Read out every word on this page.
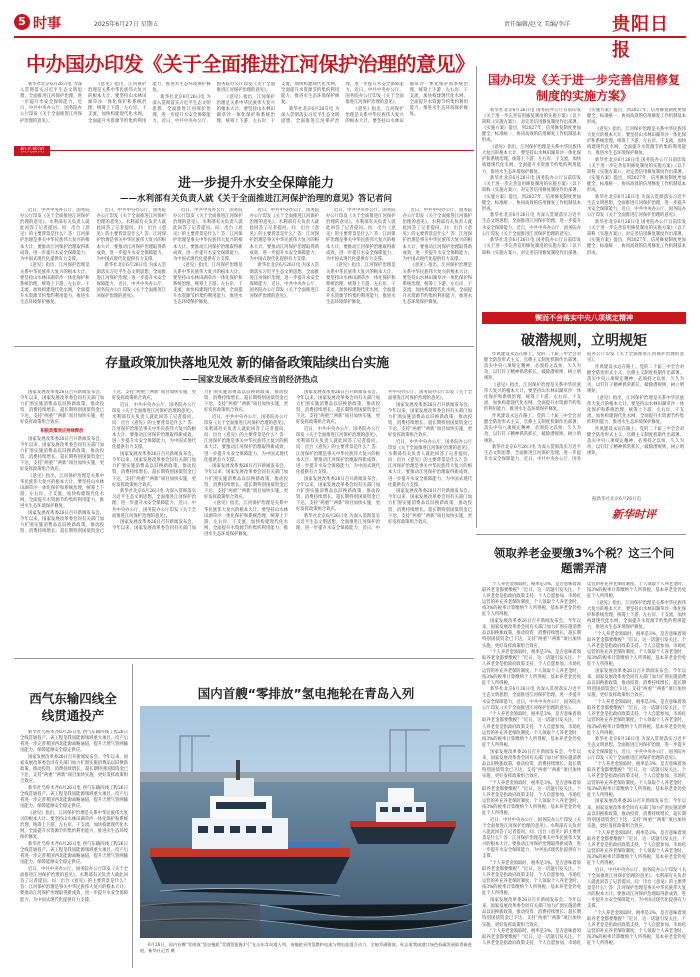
5 时事	2025年6月27日 星期五	责任编辑/赵文 美编/李洋 贵阳日报
中办国办印发《关于全面推进江河保护治理的意见》

新华社北京6月26日电 为深入贯彻落实习近平生态文明思想，全面推进江河保护治理，进一步提升水安全保障能力，近日，中共中央办公厅、国务院办公厅印发《关于全面推进江河保护治理的意见》。

《意见》指出，江河保护治理是关系中华民族伟大复兴的根本大计。要坚持山水林田湖草沙一体化保护和系统治理，统筹上下游、左右岸、干支流，加快构建现代化水网，全面提升水资源节约集约利用能力，推进水生态环境保护修复。

新华社北京6月26日电 为深入贯彻落实习近平生态文明思想，全面推进江河保护治理，进一步提升水安全保障能力，近日，中共中央办公厅、国务院办公厅印发《关于全面推进江河保护治理的意见》。

《意见》指出，江河保护治理是关系中华民族伟大复兴的根本大计。要坚持山水林田湖草沙一体化保护和系统治理，统筹上下游、左右岸、干支流，加快构建现代化水网，全面提升水资源节约集约利用能力，推进水生态环境保护修复。

新华社北京6月26日电 为深入贯彻落实习近平生态文明思想，全面推进江河保护治理，进一步提升水安全保障能力，近日，中共中央办公厅、国务院办公厅印发《关于全面推进江河保护治理的意见》。

《意见》指出，江河保护治理是关系中华民族伟大复兴的根本大计。要坚持山水林田湖草沙一体化保护和系统治理，统筹上下游、左右岸、干支流，加快构建现代化水网，全面提升水资源节约集约利用能力，推进水生态环境保护修复。

国办印发《关于进一步完善信用修复制度的实施方案》

新华社北京6月26日电 国务院办公厅日前印发《关于进一步完善信用修复制度的实施方案》（以下简称《实施方案》），对完善信用修复制度作出部署。《实施方案》提出，到2027年，信用修复制度更加健全，标准统一、协同高效的信用修复工作机制基本形成。

《意见》指出，江河保护治理是关系中华民族伟大复兴的根本大计。要坚持山水林田湖草沙一体化保护和系统治理，统筹上下游、左右岸、干支流，加快构建现代化水网，全面提升水资源节约集约利用能力，推进水生态环境保护修复。

新华社北京6月26日电 国务院办公厅日前印发《关于进一步完善信用修复制度的实施方案》（以下简称《实施方案》），对完善信用修复制度作出部署。《实施方案》提出，到2027年，信用修复制度更加健全，标准统一、协同高效的信用修复工作机制基本形成。

新华社北京6月26日电 为深入贯彻落实习近平生态文明思想，全面推进江河保护治理，进一步提升水安全保障能力，近日，中共中央办公厅、国务院办公厅印发《关于全面推进江河保护治理的意见》。

新华社北京6月26日电 国务院办公厅日前印发《关于进一步完善信用修复制度的实施方案》（以下简称《实施方案》），对完善信用修复制度作出部署。《实施方案》提出，到2027年，信用修复制度更加健全，标准统一、协同高效的信用修复工作机制基本形成。

《意见》指出，江河保护治理是关系中华民族伟大复兴的根本大计。要坚持山水林田湖草沙一体化保护和系统治理，统筹上下游、左右岸、干支流，加快构建现代化水网，全面提升水资源节约集约利用能力，推进水生态环境保护修复。

新华社北京6月26日电 国务院办公厅日前印发《关于进一步完善信用修复制度的实施方案》（以下简称《实施方案》），对完善信用修复制度作出部署。《实施方案》提出，到2027年，信用修复制度更加健全，标准统一、协同高效的信用修复工作机制基本形成。

新华社北京6月26日电 为深入贯彻落实习近平生态文明思想，全面推进江河保护治理，进一步提升水安全保障能力，近日，中共中央办公厅、国务院办公厅印发《关于全面推进江河保护治理的意见》。

新华社北京6月26日电 国务院办公厅日前印发《关于进一步完善信用修复制度的实施方案》（以下简称《实施方案》），对完善信用修复制度作出部署。《实施方案》提出，到2027年，信用修复制度更加健全，标准统一、协同高效的信用修复工作机制基本形成。

进一步提升水安全保障能力
——水利部有关负责人就《关于全面推进江河保护治理的意见》答记者问

近日，中共中央办公厅、国务院办公厅印发《关于全面推进江河保护治理的意见》。水利部有关负责人就此回答了记者提问。问：出台《意见》的主要背景是什么？答：江河保护治理是事关中华民族伟大复兴的根本大计。要推动江河保护治理取得新成效，进一步提升水安全保障能力，为中国式现代化提供有力支撑。

《意见》指出，江河保护治理是关系中华民族伟大复兴的根本大计。要坚持山水林田湖草沙一体化保护和系统治理，统筹上下游、左右岸、干支流，加快构建现代化水网，全面提升水资源节约集约利用能力，推进水生态环境保护修复。

近日，中共中央办公厅、国务院办公厅印发《关于全面推进江河保护治理的意见》。水利部有关负责人就此回答了记者提问。问：出台《意见》的主要背景是什么？答：江河保护治理是事关中华民族伟大复兴的根本大计。要推动江河保护治理取得新成效，进一步提升水安全保障能力，为中国式现代化提供有力支撑。

新华社北京6月26日电 为深入贯彻落实习近平生态文明思想，全面推进江河保护治理，进一步提升水安全保障能力，近日，中共中央办公厅、国务院办公厅印发《关于全面推进江河保护治理的意见》。

近日，中共中央办公厅、国务院办公厅印发《关于全面推进江河保护治理的意见》。水利部有关负责人就此回答了记者提问。问：出台《意见》的主要背景是什么？答：江河保护治理是事关中华民族伟大复兴的根本大计。要推动江河保护治理取得新成效，进一步提升水安全保障能力，为中国式现代化提供有力支撑。

《意见》指出，江河保护治理是关系中华民族伟大复兴的根本大计。要坚持山水林田湖草沙一体化保护和系统治理，统筹上下游、左右岸、干支流，加快构建现代化水网，全面提升水资源节约集约利用能力，推进水生态环境保护修复。

近日，中共中央办公厅、国务院办公厅印发《关于全面推进江河保护治理的意见》。水利部有关负责人就此回答了记者提问。问：出台《意见》的主要背景是什么？答：江河保护治理是事关中华民族伟大复兴的根本大计。要推动江河保护治理取得新成效，进一步提升水安全保障能力，为中国式现代化提供有力支撑。

新华社北京6月26日电 为深入贯彻落实习近平生态文明思想，全面推进江河保护治理，进一步提升水安全保障能力，近日，中共中央办公厅、国务院办公厅印发《关于全面推进江河保护治理的意见》。

近日，中共中央办公厅、国务院办公厅印发《关于全面推进江河保护治理的意见》。水利部有关负责人就此回答了记者提问。问：出台《意见》的主要背景是什么？答：江河保护治理是事关中华民族伟大复兴的根本大计。要推动江河保护治理取得新成效，进一步提升水安全保障能力，为中国式现代化提供有力支撑。

《意见》指出，江河保护治理是关系中华民族伟大复兴的根本大计。要坚持山水林田湖草沙一体化保护和系统治理，统筹上下游、左右岸、干支流，加快构建现代化水网，全面提升水资源节约集约利用能力，推进水生态环境保护修复。

近日，中共中央办公厅、国务院办公厅印发《关于全面推进江河保护治理的意见》。水利部有关负责人就此回答了记者提问。问：出台《意见》的主要背景是什么？答：江河保护治理是事关中华民族伟大复兴的根本大计。要推动江河保护治理取得新成效，进一步提升水安全保障能力，为中国式现代化提供有力支撑。

《意见》指出，江河保护治理是关系中华民族伟大复兴的根本大计。要坚持山水林田湖草沙一体化保护和系统治理，统筹上下游、左右岸、干支流，加快构建现代化水网，全面提升水资源节约集约利用能力，推进水生态环境保护修复。

锲而不舍落实中央八项规定精神
破潜规则，立明规矩

作风建设永远在路上。党的二十届三中全会对健全防治形式主义、官僚主义制度机制作出部署。落实中央八项规定精神，必须持之以恒、久久为功，以钉钉子精神抓常抓长，破除潜规则，树立明规矩。

《意见》指出，江河保护治理是关系中华民族伟大复兴的根本大计。要坚持山水林田湖草沙一体化保护和系统治理，统筹上下游、左右岸、干支流，加快构建现代化水网，全面提升水资源节约集约利用能力，推进水生态环境保护修复。

作风建设永远在路上。党的二十届三中全会对健全防治形式主义、官僚主义制度机制作出部署。落实中央八项规定精神，必须持之以恒、久久为功，以钉钉子精神抓常抓长，破除潜规则，树立明规矩。

新华社北京6月26日电 为深入贯彻落实习近平生态文明思想，全面推进江河保护治理，进一步提升水安全保障能力，近日，中共中央办公厅、国务院办公厅印发《关于全面推进江河保护治理的意见》。

作风建设永远在路上。党的二十届三中全会对健全防治形式主义、官僚主义制度机制作出部署。落实中央八项规定精神，必须持之以恒、久久为功，以钉钉子精神抓常抓长，破除潜规则，树立明规矩。

《意见》指出，江河保护治理是关系中华民族伟大复兴的根本大计。要坚持山水林田湖草沙一体化保护和系统治理，统筹上下游、左右岸、干支流，加快构建现代化水网，全面提升水资源节约集约利用能力，推进水生态环境保护修复。

作风建设永远在路上。党的二十届三中全会对健全防治形式主义、官僚主义制度机制作出部署。落实中央八项规定精神，必须持之以恒、久久为功，以钉钉子精神抓常抓长，破除潜规则，树立明规矩。

据新华社北京6月26日电
新华时评
存量政策加快落地见效 新的储备政策陆续出台实施
——国家发展改革委回应当前经济热点

国家发展改革委26日召开新闻发布会。今年以来，国家发展改革委会同有关部门加力扩围实施消费品以旧换新政策，推动投资、消费持续增长。超长期特别国债资金已下达，支持“两重”“两新”项目加快实施，更好发挥政策组合效应。

积极政策效应持续释放

国家发展改革委26日召开新闻发布会。今年以来，国家发展改革委会同有关部门加力扩围实施消费品以旧换新政策，推动投资、消费持续增长。超长期特别国债资金已下达，支持“两重”“两新”项目加快实施，更好发挥政策组合效应。

《意见》指出，江河保护治理是关系中华民族伟大复兴的根本大计。要坚持山水林田湖草沙一体化保护和系统治理，统筹上下游、左右岸、干支流，加快构建现代化水网，全面提升水资源节约集约利用能力，推进水生态环境保护修复。

国家发展改革委26日召开新闻发布会。今年以来，国家发展改革委会同有关部门加力扩围实施消费品以旧换新政策，推动投资、消费持续增长。超长期特别国债资金已下达，支持“两重”“两新”项目加快实施，更好发挥政策组合效应。

近日，中共中央办公厅、国务院办公厅印发《关于全面推进江河保护治理的意见》。水利部有关负责人就此回答了记者提问。问：出台《意见》的主要背景是什么？答：江河保护治理是事关中华民族伟大复兴的根本大计。要推动江河保护治理取得新成效，进一步提升水安全保障能力，为中国式现代化提供有力支撑。

国家发展改革委26日召开新闻发布会。今年以来，国家发展改革委会同有关部门加力扩围实施消费品以旧换新政策，推动投资、消费持续增长。超长期特别国债资金已下达，支持“两重”“两新”项目加快实施，更好发挥政策组合效应。

新华社北京6月26日电 为深入贯彻落实习近平生态文明思想，全面推进江河保护治理，进一步提升水安全保障能力，近日，中共中央办公厅、国务院办公厅印发《关于全面推进江河保护治理的意见》。

国家发展改革委26日召开新闻发布会。今年以来，国家发展改革委会同有关部门加力扩围实施消费品以旧换新政策，推动投资、消费持续增长。超长期特别国债资金已下达，支持“两重”“两新”项目加快实施，更好发挥政策组合效应。

近日，中共中央办公厅、国务院办公厅印发《关于全面推进江河保护治理的意见》。水利部有关负责人就此回答了记者提问。问：出台《意见》的主要背景是什么？答：江河保护治理是事关中华民族伟大复兴的根本大计。要推动江河保护治理取得新成效，进一步提升水安全保障能力，为中国式现代化提供有力支撑。

国家发展改革委26日召开新闻发布会。今年以来，国家发展改革委会同有关部门加力扩围实施消费品以旧换新政策，推动投资、消费持续增长。超长期特别国债资金已下达，支持“两重”“两新”项目加快实施，更好发挥政策组合效应。

《意见》指出，江河保护治理是关系中华民族伟大复兴的根本大计。要坚持山水林田湖草沙一体化保护和系统治理，统筹上下游、左右岸、干支流，加快构建现代化水网，全面提升水资源节约集约利用能力，推进水生态环境保护修复。

国家发展改革委26日召开新闻发布会。今年以来，国家发展改革委会同有关部门加力扩围实施消费品以旧换新政策，推动投资、消费持续增长。超长期特别国债资金已下达，支持“两重”“两新”项目加快实施，更好发挥政策组合效应。

近日，中共中央办公厅、国务院办公厅印发《关于全面推进江河保护治理的意见》。水利部有关负责人就此回答了记者提问。问：出台《意见》的主要背景是什么？答：江河保护治理是事关中华民族伟大复兴的根本大计。要推动江河保护治理取得新成效，进一步提升水安全保障能力，为中国式现代化提供有力支撑。

国家发展改革委26日召开新闻发布会。今年以来，国家发展改革委会同有关部门加力扩围实施消费品以旧换新政策，推动投资、消费持续增长。超长期特别国债资金已下达，支持“两重”“两新”项目加快实施，更好发挥政策组合效应。

新华社北京6月26日电 为深入贯彻落实习近平生态文明思想，全面推进江河保护治理，进一步提升水安全保障能力，近日，中共中央办公厅、国务院办公厅印发《关于全面推进江河保护治理的意见》。

国家发展改革委26日召开新闻发布会。今年以来，国家发展改革委会同有关部门加力扩围实施消费品以旧换新政策，推动投资、消费持续增长。超长期特别国债资金已下达，支持“两重”“两新”项目加快实施，更好发挥政策组合效应。

近日，中共中央办公厅、国务院办公厅印发《关于全面推进江河保护治理的意见》。水利部有关负责人就此回答了记者提问。问：出台《意见》的主要背景是什么？答：江河保护治理是事关中华民族伟大复兴的根本大计。要推动江河保护治理取得新成效，进一步提升水安全保障能力，为中国式现代化提供有力支撑。

国家发展改革委26日召开新闻发布会。今年以来，国家发展改革委会同有关部门加力扩围实施消费品以旧换新政策，推动投资、消费持续增长。超长期特别国债资金已下达，支持“两重”“两新”项目加快实施，更好发挥政策组合效应。

领取养老金要缴3%个税？这三个问题需弄清

“个人养老金领取时，税率是3%，是否意味着领取养老金都要缴税？”近日，这一话题引发关注。个人养老金是指政府政策支持、个人自愿参加、市场化运营的补充养老保险制度。个人领取个人养老金时，按3%的税率计算缴纳个人所得税，基本养老金仍免征个人所得税。

国家发展改革委26日召开新闻发布会。今年以来，国家发展改革委会同有关部门加力扩围实施消费品以旧换新政策，推动投资、消费持续增长。超长期特别国债资金已下达，支持“两重”“两新”项目加快实施，更好发挥政策组合效应。

“个人养老金领取时，税率是3%，是否意味着领取养老金都要缴税？”近日，这一话题引发关注。个人养老金是指政府政策支持、个人自愿参加、市场化运营的补充养老保险制度。个人领取个人养老金时，按3%的税率计算缴纳个人所得税，基本养老金仍免征个人所得税。

新华社北京6月26日电 为深入贯彻落实习近平生态文明思想，全面推进江河保护治理，进一步提升水安全保障能力，近日，中共中央办公厅、国务院办公厅印发《关于全面推进江河保护治理的意见》。

“个人养老金领取时，税率是3%，是否意味着领取养老金都要缴税？”近日，这一话题引发关注。个人养老金是指政府政策支持、个人自愿参加、市场化运营的补充养老保险制度。个人领取个人养老金时，按3%的税率计算缴纳个人所得税，基本养老金仍免征个人所得税。

国家发展改革委26日召开新闻发布会。今年以来，国家发展改革委会同有关部门加力扩围实施消费品以旧换新政策，推动投资、消费持续增长。超长期特别国债资金已下达，支持“两重”“两新”项目加快实施，更好发挥政策组合效应。

“个人养老金领取时，税率是3%，是否意味着领取养老金都要缴税？”近日，这一话题引发关注。个人养老金是指政府政策支持、个人自愿参加、市场化运营的补充养老保险制度。个人领取个人养老金时，按3%的税率计算缴纳个人所得税，基本养老金仍免征个人所得税。

近日，中共中央办公厅、国务院办公厅印发《关于全面推进江河保护治理的意见》。水利部有关负责人就此回答了记者提问。问：出台《意见》的主要背景是什么？答：江河保护治理是事关中华民族伟大复兴的根本大计。要推动江河保护治理取得新成效，进一步提升水安全保障能力，为中国式现代化提供有力支撑。

“个人养老金领取时，税率是3%，是否意味着领取养老金都要缴税？”近日，这一话题引发关注。个人养老金是指政府政策支持、个人自愿参加、市场化运营的补充养老保险制度。个人领取个人养老金时，按3%的税率计算缴纳个人所得税，基本养老金仍免征个人所得税。

国家发展改革委26日召开新闻发布会。今年以来，国家发展改革委会同有关部门加力扩围实施消费品以旧换新政策，推动投资、消费持续增长。超长期特别国债资金已下达，支持“两重”“两新”项目加快实施，更好发挥政策组合效应。

“个人养老金领取时，税率是3%，是否意味着领取养老金都要缴税？”近日，这一话题引发关注。个人养老金是指政府政策支持、个人自愿参加、市场化运营的补充养老保险制度。个人领取个人养老金时，按3%的税率计算缴纳个人所得税，基本养老金仍免征个人所得税。

《意见》指出，江河保护治理是关系中华民族伟大复兴的根本大计。要坚持山水林田湖草沙一体化保护和系统治理，统筹上下游、左右岸、干支流，加快构建现代化水网，全面提升水资源节约集约利用能力，推进水生态环境保护修复。

“个人养老金领取时，税率是3%，是否意味着领取养老金都要缴税？”近日，这一话题引发关注。个人养老金是指政府政策支持、个人自愿参加、市场化运营的补充养老保险制度。个人领取个人养老金时，按3%的税率计算缴纳个人所得税，基本养老金仍免征个人所得税。

国家发展改革委26日召开新闻发布会。今年以来，国家发展改革委会同有关部门加力扩围实施消费品以旧换新政策，推动投资、消费持续增长。超长期特别国债资金已下达，支持“两重”“两新”项目加快实施，更好发挥政策组合效应。

“个人养老金领取时，税率是3%，是否意味着领取养老金都要缴税？”近日，这一话题引发关注。个人养老金是指政府政策支持、个人自愿参加、市场化运营的补充养老保险制度。个人领取个人养老金时，按3%的税率计算缴纳个人所得税，基本养老金仍免征个人所得税。

新华社北京6月26日电 为深入贯彻落实习近平生态文明思想，全面推进江河保护治理，进一步提升水安全保障能力，近日，中共中央办公厅、国务院办公厅印发《关于全面推进江河保护治理的意见》。

“个人养老金领取时，税率是3%，是否意味着领取养老金都要缴税？”近日，这一话题引发关注。个人养老金是指政府政策支持、个人自愿参加、市场化运营的补充养老保险制度。个人领取个人养老金时，按3%的税率计算缴纳个人所得税，基本养老金仍免征个人所得税。

国家发展改革委26日召开新闻发布会。今年以来，国家发展改革委会同有关部门加力扩围实施消费品以旧换新政策，推动投资、消费持续增长。超长期特别国债资金已下达，支持“两重”“两新”项目加快实施，更好发挥政策组合效应。

“个人养老金领取时，税率是3%，是否意味着领取养老金都要缴税？”近日，这一话题引发关注。个人养老金是指政府政策支持、个人自愿参加、市场化运营的补充养老保险制度。个人领取个人养老金时，按3%的税率计算缴纳个人所得税，基本养老金仍免征个人所得税。

近日，中共中央办公厅、国务院办公厅印发《关于全面推进江河保护治理的意见》。水利部有关负责人就此回答了记者提问。问：出台《意见》的主要背景是什么？答：江河保护治理是事关中华民族伟大复兴的根本大计。要推动江河保护治理取得新成效，进一步提升水安全保障能力，为中国式现代化提供有力支撑。

“个人养老金领取时，税率是3%，是否意味着领取养老金都要缴税？”近日，这一话题引发关注。个人养老金是指政府政策支持、个人自愿参加、市场化运营的补充养老保险制度。个人领取个人养老金时，按3%的税率计算缴纳个人所得税，基本养老金仍免征个人所得税。

西气东输四线全线贯通投产

新华社乌鲁木齐6月26日电 西气东输四线工程26日全线贯通投产。该工程是我国能源领域重大项目，投产后将进一步完善我国西北能源战略通道，提升天然气管网输送能力，保障能源安全稳定供应。

国家发展改革委26日召开新闻发布会。今年以来，国家发展改革委会同有关部门加力扩围实施消费品以旧换新政策，推动投资、消费持续增长。超长期特别国债资金已下达，支持“两重”“两新”项目加快实施，更好发挥政策组合效应。

新华社乌鲁木齐6月26日电 西气东输四线工程26日全线贯通投产。该工程是我国能源领域重大项目，投产后将进一步完善我国西北能源战略通道，提升天然气管网输送能力，保障能源安全稳定供应。

《意见》指出，江河保护治理是关系中华民族伟大复兴的根本大计。要坚持山水林田湖草沙一体化保护和系统治理，统筹上下游、左右岸、干支流，加快构建现代化水网，全面提升水资源节约集约利用能力，推进水生态环境保护修复。

新华社乌鲁木齐6月26日电 西气东输四线工程26日全线贯通投产。该工程是我国能源领域重大项目，投产后将进一步完善我国西北能源战略通道，提升天然气管网输送能力，保障能源安全稳定供应。

近日，中共中央办公厅、国务院办公厅印发《关于全面推进江河保护治理的意见》。水利部有关负责人就此回答了记者提问。问：出台《意见》的主要背景是什么？答：江河保护治理是事关中华民族伟大复兴的根本大计。要推动江河保护治理取得新成效，进一步提升水安全保障能力，为中国式现代化提供有力支撑。

国内首艘“零排放”氢电拖轮在青岛入列

6月26日，国内首艘“零排放”氢电拖轮“青港氢能拖1号”在山东青岛港入列。该拖轮采用氢燃料电池与锂电池混合动力，全船零碳排放，标志着我国港口绿色低碳发展取得新进展。新华社记者 摄
